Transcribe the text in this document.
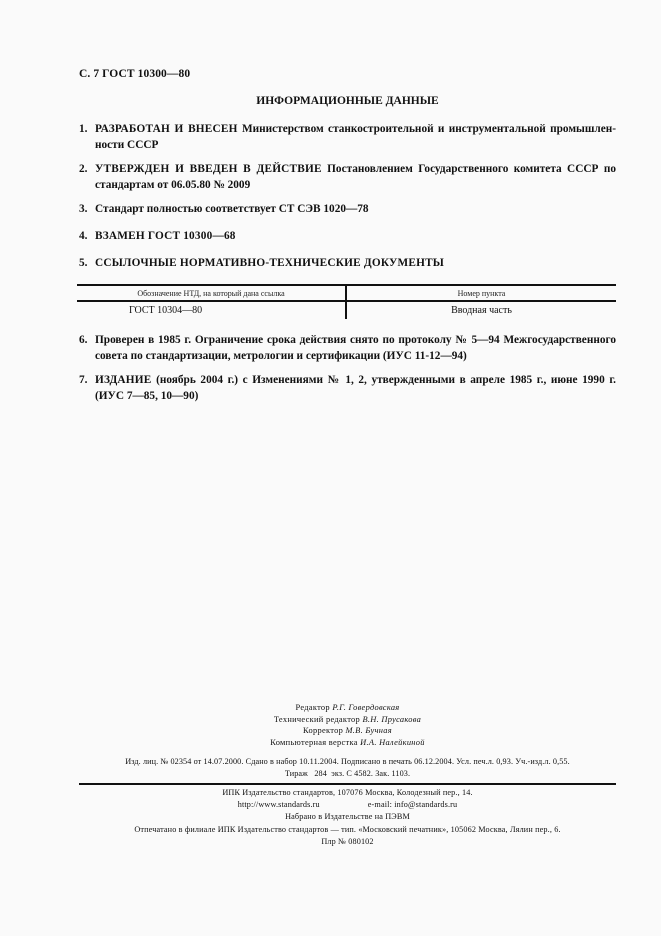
С. 7 ГОСТ 10300—80
ИНФОРМАЦИОННЫЕ ДАННЫЕ
1. РАЗРАБОТАН И ВНЕСЕН Министерством станкостроительной и инструментальной промышлен-ности СССР
2. УТВЕРЖДЕН И ВВЕДЕН В ДЕЙСТВИЕ Постановлением Государственного комитета СССР по стандартам от 06.05.80 № 2009
3. Стандарт полностью соответствует СТ СЭВ 1020—78
4. ВЗАМЕН ГОСТ 10300—68
5. ССЫЛОЧНЫЕ НОРМАТИВНО-ТЕХНИЧЕСКИЕ ДОКУМЕНТЫ
Обозначение НТД, на который дана ссылка	Номер пункта
ГОСТ 10304—80	Вводная часть
6. Проверен в 1985 г. Ограничение срока действия снято по протоколу № 5—94 Межгосударственного совета по стандартизации, метрологии и сертификации (ИУС 11-12—94)
7. ИЗДАНИЕ (ноябрь 2004 г.) с Изменениями № 1, 2, утвержденными в апреле 1985 г., июне 1990 г. (ИУС 7—85, 10—90)
Редактор Р.Г. Говердовская
Технический редактор В.Н. Прусакова
Корректор М.В. Бучная
Компьютерная верстка И.А. Налейкиной
Изд. лиц. № 02354 от 14.07.2000. Сдано в набор 10.11.2004. Подписано в печать 06.12.2004. Усл. печ.л. 0,93. Уч.-изд.л. 0,55.
Тираж   284  экз. С 4582. Зак. 1103.
ИПК Издательство стандартов, 107076 Москва, Колодезный пер., 14.
http://www.standards.ru	e-mail: info@standards.ru
Набрано в Издательстве на ПЭВМ
Отпечатано в филиале ИПК Издательство стандартов — тип. «Московский печатник», 105062 Москва, Лялин пер., 6.
Плр № 080102
